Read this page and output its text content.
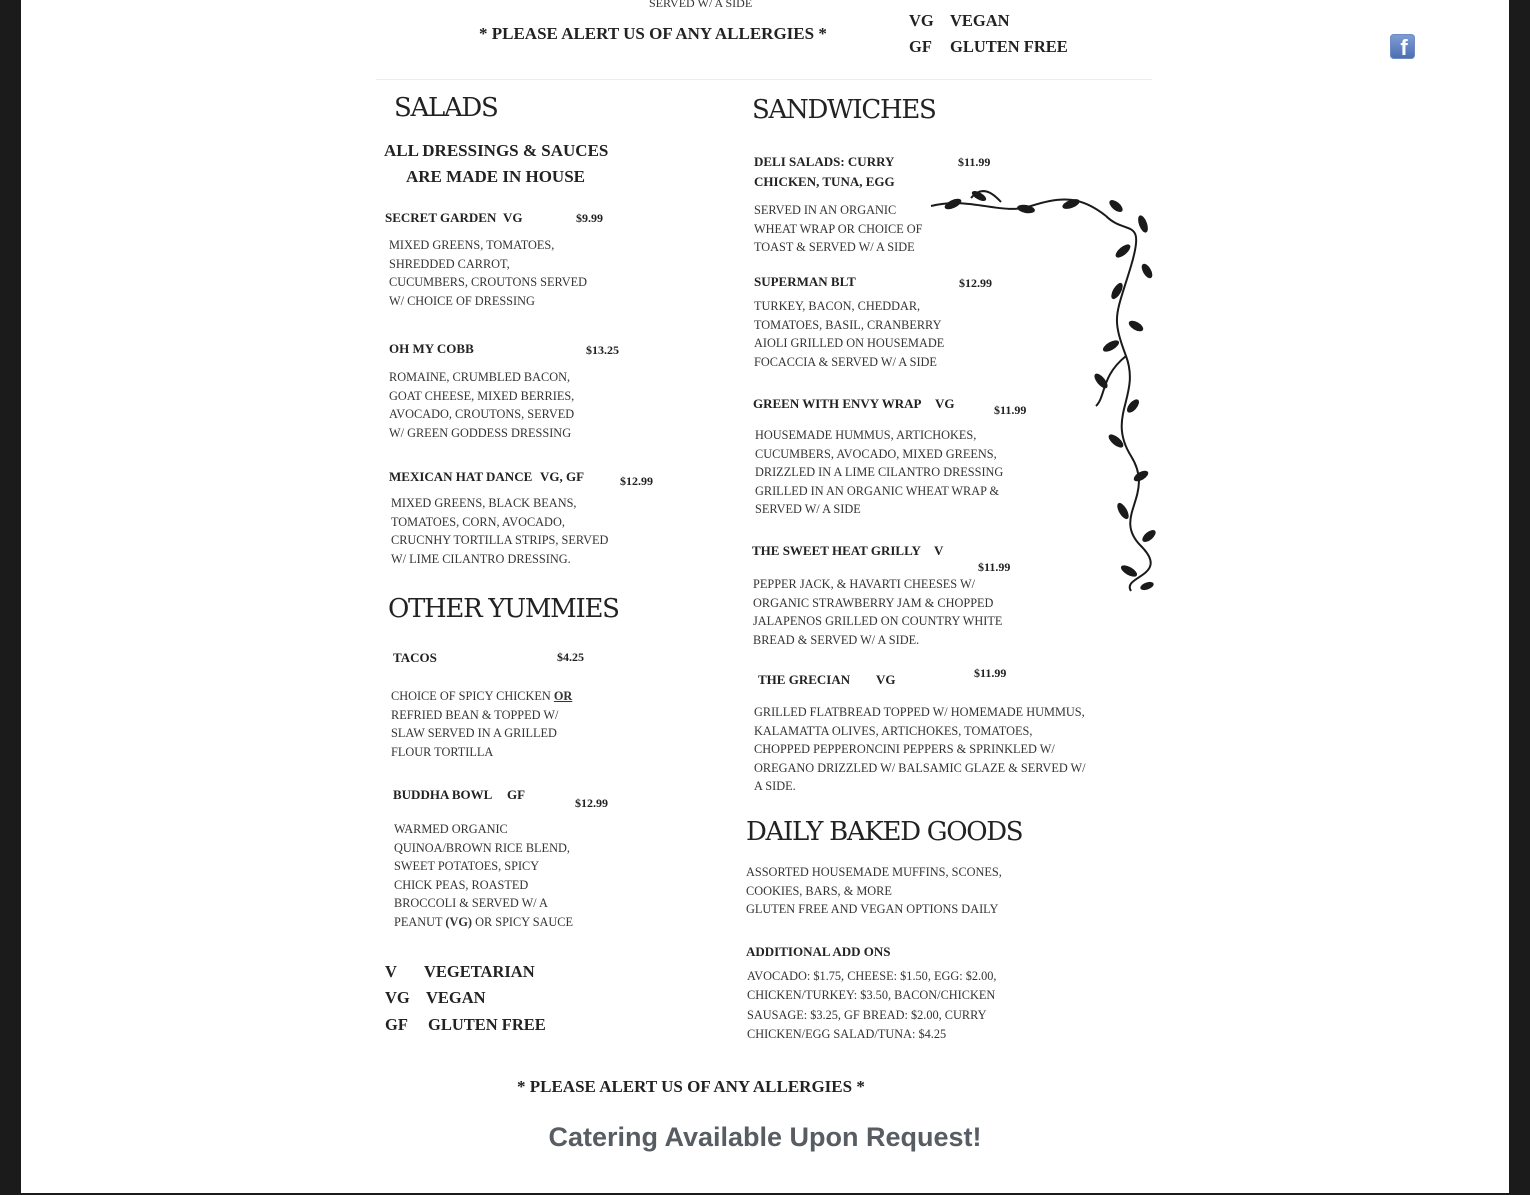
f
SERVED W/ A SIDE
* PLEASE ALERT US OF ANY ALLERGIES *
VG VEGAN
GF GLUTEN FREE
SALADS
ALL DRESSINGS & SAUCES
ARE MADE IN HOUSE
SECRET GARDEN VG	$9.99
MIXED GREENS, TOMATOES,
SHREDDED CARROT,
CUCUMBERS, CROUTONS SERVED
W/ CHOICE OF DRESSING
OH MY COBB	$13.25
ROMAINE, CRUMBLED BACON,
GOAT CHEESE, MIXED BERRIES,
AVOCADO, CROUTONS, SERVED
W/ GREEN GODDESS DRESSING
MEXICAN HAT DANCE VG, GF	$12.99
MIXED GREENS, BLACK BEANS,
TOMATOES, CORN, AVOCADO,
CRUCNHY TORTILLA STRIPS, SERVED
W/ LIME CILANTRO DRESSING.
OTHER YUMMIES
TACOS	$4.25
CHOICE OF SPICY CHICKEN OR
REFRIED BEAN & TOPPED W/
SLAW SERVED IN A GRILLED
FLOUR TORTILLA
BUDDHA BOWL GF
$12.99
WARMED ORGANIC
QUINOA/BROWN RICE BLEND,
SWEET POTATOES, SPICY
CHICK PEAS, ROASTED
BROCCOLI & SERVED W/ A
PEANUT (VG) OR SPICY SAUCE
V VEGETARIAN
VG VEGAN
GF GLUTEN FREE
SANDWICHES
DELI SALADS: CURRY
CHICKEN, TUNA, EGG
$11.99
SERVED IN AN ORGANIC
WHEAT WRAP OR CHOICE OF
TOAST & SERVED W/ A SIDE
SUPERMAN BLT	$12.99
TURKEY, BACON, CHEDDAR,
TOMATOES, BASIL, CRANBERRY
AIOLI GRILLED ON HOUSEMADE
FOCACCIA & SERVED W/ A SIDE
GREEN WITH ENVY WRAP VG	$11.99
HOUSEMADE HUMMUS, ARTICHOKES,
CUCUMBERS, AVOCADO, MIXED GREENS,
DRIZZLED IN A LIME CILANTRO DRESSING
GRILLED IN AN ORGANIC WHEAT WRAP &
SERVED W/ A SIDE
THE SWEET HEAT GRILLY V
$11.99
PEPPER JACK, & HAVARTI CHEESES W/
ORGANIC STRAWBERRY JAM & CHOPPED
JALAPENOS GRILLED ON COUNTRY WHITE
BREAD & SERVED W/ A SIDE.
THE GRECIAN VG	$11.99
GRILLED FLATBREAD TOPPED W/ HOMEMADE HUMMUS,
KALAMATTA OLIVES, ARTICHOKES, TOMATOES,
CHOPPED PEPPERONCINI PEPPERS & SPRINKLED W/
OREGANO DRIZZLED W/ BALSAMIC GLAZE & SERVED W/
A SIDE.
DAILY BAKED GOODS
ASSORTED HOUSEMADE MUFFINS, SCONES,
COOKIES, BARS, & MORE
GLUTEN FREE AND VEGAN OPTIONS DAILY
ADDITIONAL ADD ONS
AVOCADO: $1.75, CHEESE: $1.50, EGG: $2.00,
CHICKEN/TURKEY: $3.50, BACON/CHICKEN
SAUSAGE: $3.25, GF BREAD: $2.00, CURRY
CHICKEN/EGG SALAD/TUNA: $4.25
* PLEASE ALERT US OF ANY ALLERGIES *
Catering Available Upon Request!
